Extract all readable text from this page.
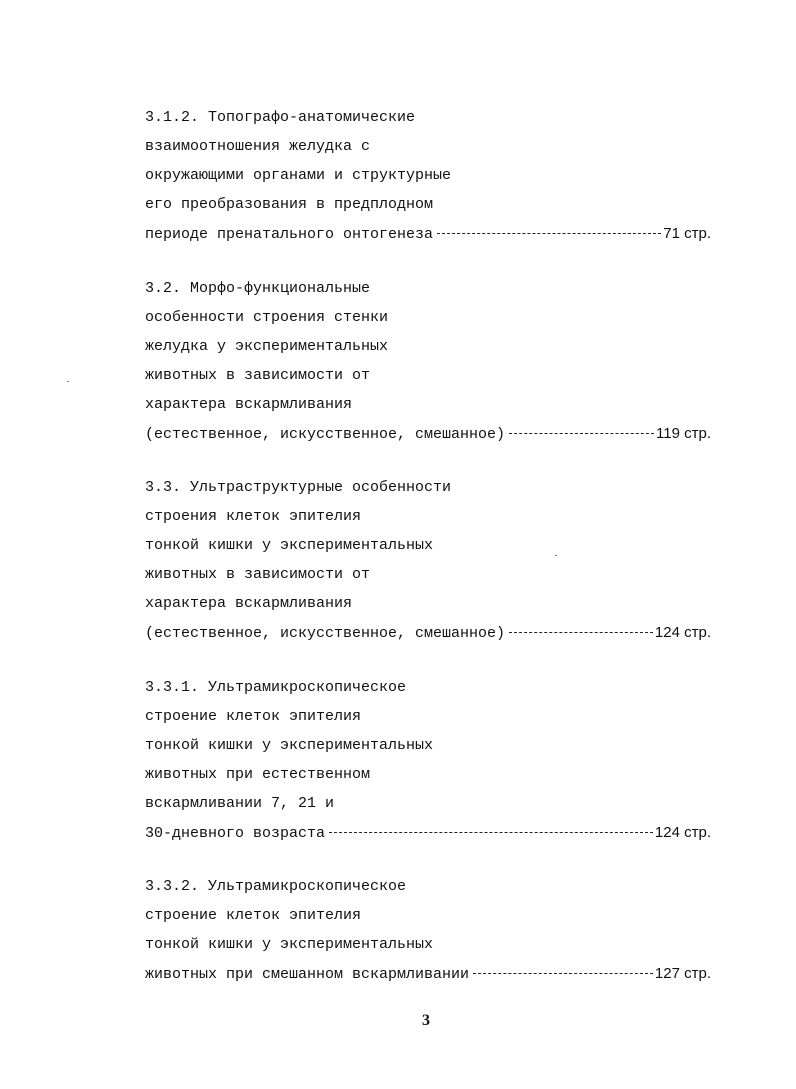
3.1.2. Топографо-анатомические
взаимоотношения желудка с
окружающими органами и структурные
его преобразования в предплодном
периоде пренатального онтогенеза	71 стр.
3.2. Морфо-функциональные
особенности строения стенки
желудка у экспериментальных
животных в зависимости от
характера вскармливания
(естественное, искусственное, смешанное)	119 стр.
3.3. Ультраструктурные особенности
строения клеток эпителия
тонкой кишки у экспериментальных
животных в зависимости от
характера вскармливания
(естественное, искусственное, смешанное)	124 стр.
3.3.1. Ультрамикроскопическое
строение клеток эпителия
тонкой кишки у экспериментальных
животных при естественном
вскармливании 7, 21 и
30-дневного возраста	124 стр.
3.3.2. Ультрамикроскопическое
строение клеток эпителия
тонкой кишки у экспериментальных
животных при смешанном вскармливании	127 стр.
3
